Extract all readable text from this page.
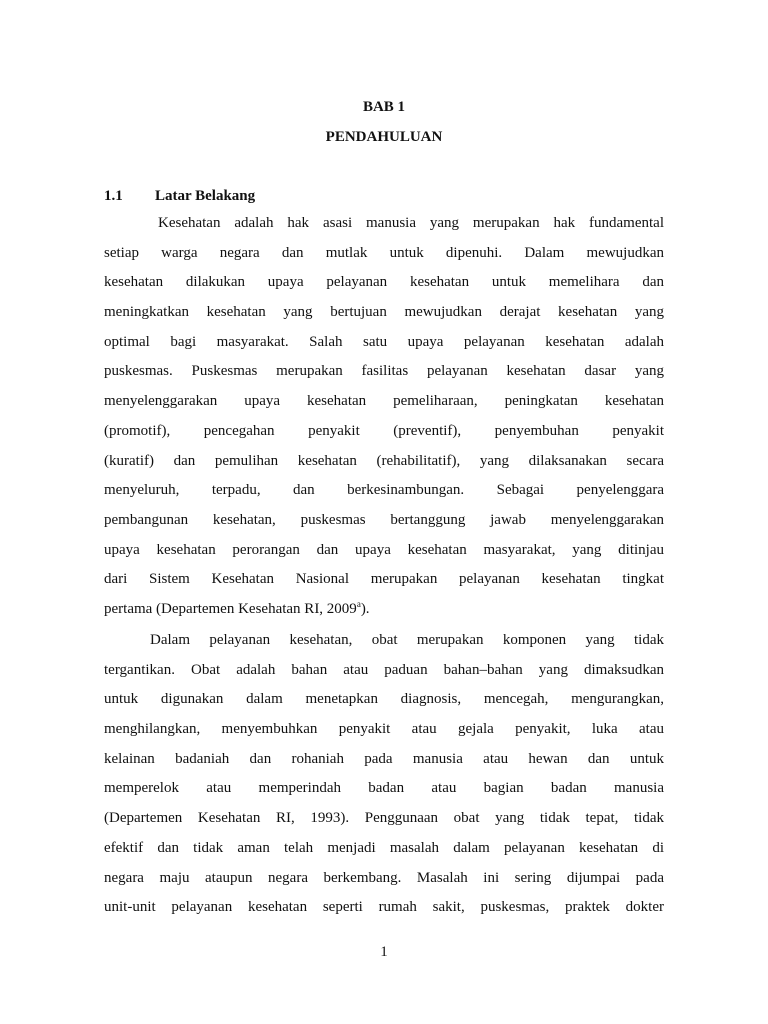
BAB 1
PENDAHULUAN
1.1 Latar Belakang
Kesehatan adalah hak asasi manusia yang merupakan hak fundamental
setiap warga negara dan mutlak untuk dipenuhi. Dalam mewujudkan
kesehatan dilakukan upaya pelayanan kesehatan untuk memelihara dan
meningkatkan kesehatan yang bertujuan mewujudkan derajat kesehatan yang
optimal bagi masyarakat. Salah satu upaya pelayanan kesehatan adalah
puskesmas. Puskesmas merupakan fasilitas pelayanan kesehatan dasar yang
menyelenggarakan upaya kesehatan pemeliharaan, peningkatan kesehatan
(promotif), pencegahan penyakit (preventif), penyembuhan penyakit
(kuratif) dan pemulihan kesehatan (rehabilitatif), yang dilaksanakan secara
menyeluruh, terpadu, dan berkesinambungan. Sebagai penyelenggara
pembangunan kesehatan, puskesmas bertanggung jawab menyelenggarakan
upaya kesehatan perorangan dan upaya kesehatan masyarakat, yang ditinjau
dari Sistem Kesehatan Nasional merupakan pelayanan kesehatan tingkat
pertama (Departemen Kesehatan RI, 2009$^a$).
Dalam pelayanan kesehatan, obat merupakan komponen yang tidak
tergantikan. Obat adalah bahan atau paduan bahan–bahan yang dimaksudkan
untuk digunakan dalam menetapkan diagnosis, mencegah, mengurangkan,
menghilangkan, menyembuhkan penyakit atau gejala penyakit, luka atau
kelainan badaniah dan rohaniah pada manusia atau hewan dan untuk
memperelok atau memperindah badan atau bagian badan manusia
(Departemen Kesehatan RI, 1993). Penggunaan obat yang tidak tepat, tidak
efektif dan tidak aman telah menjadi masalah dalam pelayanan kesehatan di
negara maju ataupun negara berkembang. Masalah ini sering dijumpai pada
unit-unit pelayanan kesehatan seperti rumah sakit, puskesmas, praktek dokter

1
